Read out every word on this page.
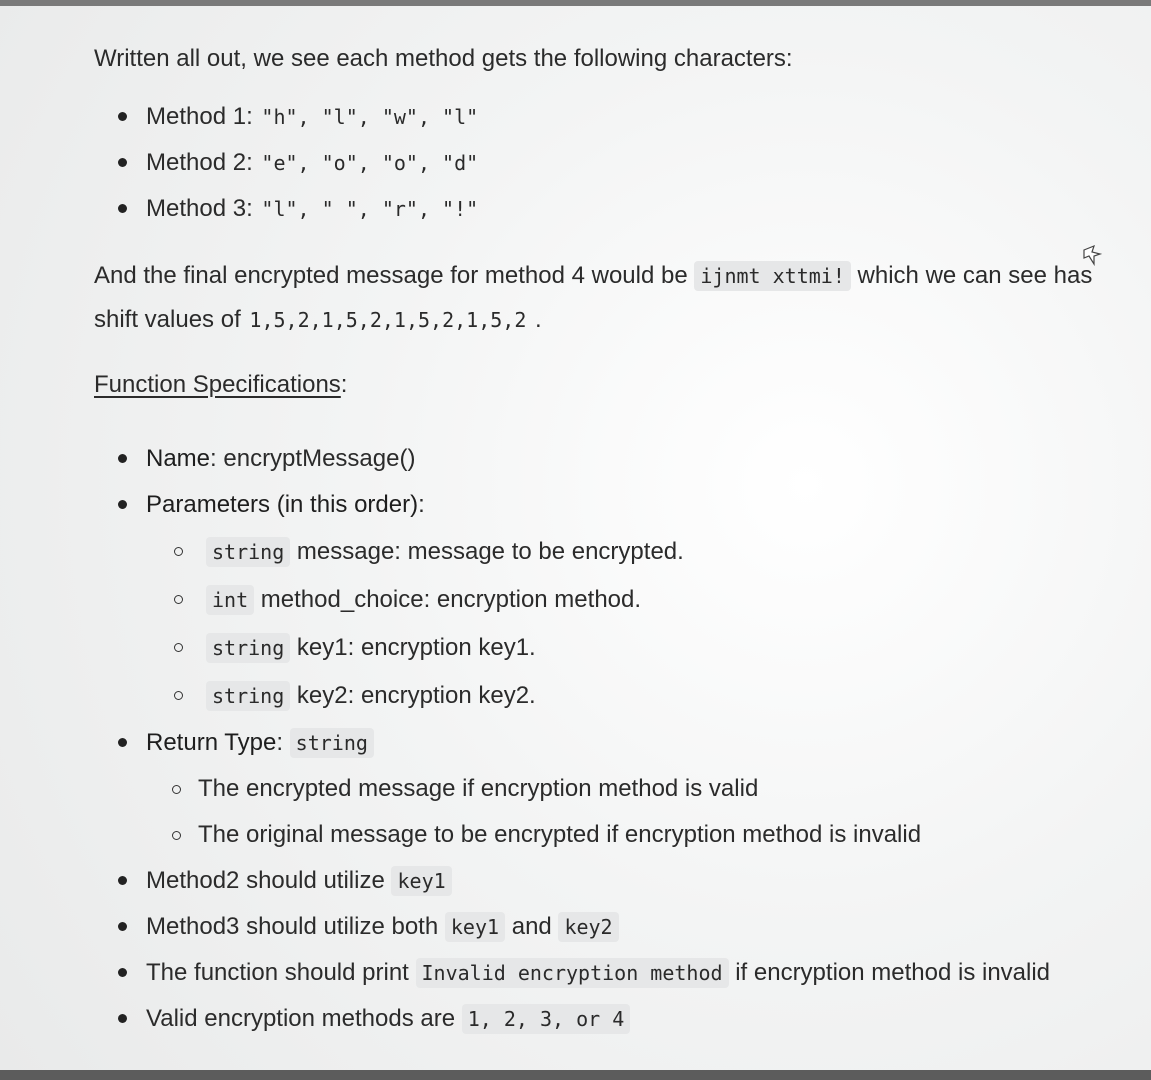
Written all out, we see each method gets the following characters:

Method 1: "h", "l", "w", "l"
Method 2: "e", "o", "o", "d"
Method 3: "l", " ", "r", "!"

And the final encrypted message for method 4 would be ijnmt xttmi! which we can see has shift values of 1,5,2,1,5,2,1,5,2,1,5,2 .

Function Specifications:
Name: encryptMessage()
Parameters (in this order):
string message: message to be encrypted.
int method_choice: encryption method.
string key1: encryption key1.
string key2: encryption key2.
Return Type: string
The encrypted message if encryption method is valid
The original message to be encrypted if encryption method is invalid
Method2 should utilize key1
Method3 should utilize both key1 and key2
The function should print Invalid encryption method if encryption method is invalid
Valid encryption methods are 1, 2, 3, or 4
